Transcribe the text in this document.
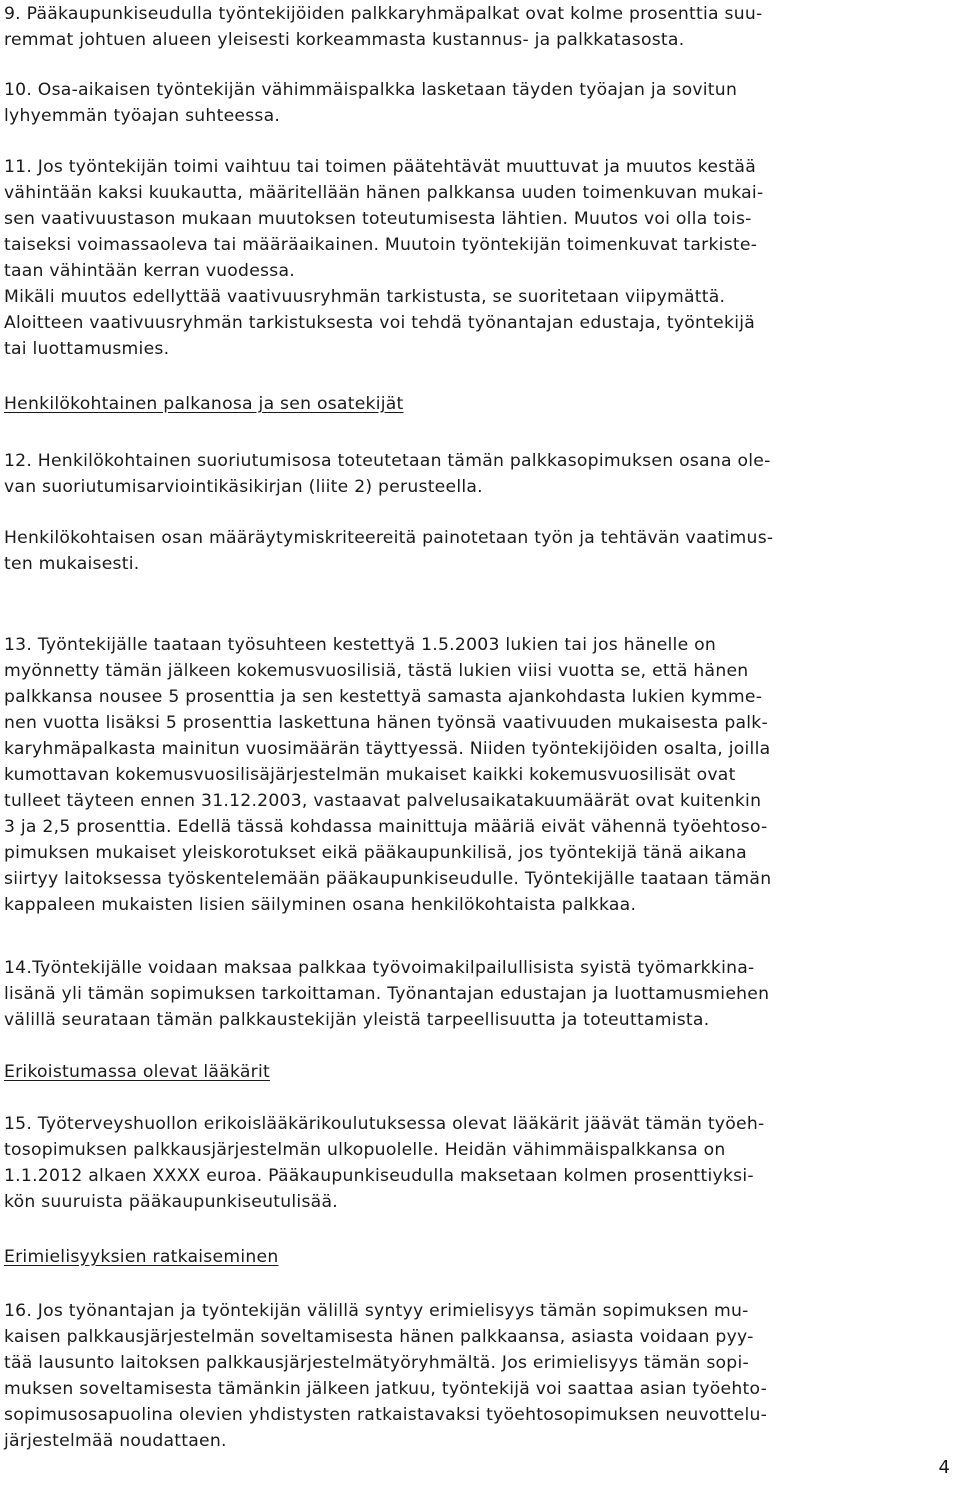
9. Pääkaupunkiseudulla työntekijöiden palkkaryhmäpalkat ovat kolme prosenttia suu-
remmat johtuen alueen yleisesti korkeammasta kustannus- ja palkkatasosta.
10. Osa-aikaisen työntekijän vähimmäispalkka lasketaan täyden työajan ja sovitun
lyhyemmän työajan suhteessa.
11. Jos työntekijän toimi vaihtuu tai toimen päätehtävät muuttuvat ja muutos kestää
vähintään kaksi kuukautta, määritellään hänen palkkansa uuden toimenkuvan mukai-
sen vaativuustason mukaan muutoksen toteutumisesta lähtien. Muutos voi olla tois-
taiseksi voimassaoleva tai määräaikainen. Muutoin työntekijän toimenkuvat tarkiste-
taan vähintään kerran vuodessa.
Mikäli muutos edellyttää vaativuusryhmän tarkistusta, se suoritetaan viipymättä.
Aloitteen vaativuusryhmän tarkistuksesta voi tehdä työnantajan edustaja, työntekijä
tai luottamusmies.
Henkilökohtainen palkanosa ja sen osatekijät
12. Henkilökohtainen suoriutumisosa toteutetaan tämän palkkasopimuksen osana ole-
van suoriutumisarviointikäsikirjan (liite 2) perusteella.
Henkilökohtaisen osan määräytymiskriteereitä painotetaan työn ja tehtävän vaatimus-
ten mukaisesti.
13. Työntekijälle taataan työsuhteen kestettyä 1.5.2003 lukien tai jos hänelle on
myönnetty tämän jälkeen kokemusvuosilisiä, tästä lukien viisi vuotta se, että hänen
palkkansa nousee 5 prosenttia ja sen kestettyä samasta ajankohdasta lukien kymme-
nen vuotta lisäksi 5 prosenttia laskettuna hänen työnsä vaativuuden mukaisesta palk-
karyhmäpalkasta mainitun vuosimäärän täyttyessä. Niiden työntekijöiden osalta, joilla
kumottavan kokemusvuosilisäjärjestelmän mukaiset kaikki kokemusvuosilisät ovat
tulleet täyteen ennen 31.12.2003, vastaavat palvelusaikatakuumäärät ovat kuitenkin
3 ja 2,5 prosenttia. Edellä tässä kohdassa mainittuja määriä eivät vähennä työehtoso-
pimuksen mukaiset yleiskorotukset eikä pääkaupunkilisä, jos työntekijä tänä aikana
siirtyy laitoksessa työskentelemään pääkaupunkiseudulle. Työntekijälle taataan tämän
kappaleen mukaisten lisien säilyminen osana henkilökohtaista palkkaa.
14.Työntekijälle voidaan maksaa palkkaa työvoimakilpailullisista syistä työmarkkina-
lisänä yli tämän sopimuksen tarkoittaman. Työnantajan edustajan ja luottamusmiehen
välillä seurataan tämän palkkaustekijän yleistä tarpeellisuutta ja toteuttamista.
Erikoistumassa olevat lääkärit
15. Työterveyshuollon erikoislääkärikoulutuksessa olevat lääkärit jäävät tämän työeh-
tosopimuksen palkkausjärjestelmän ulkopuolelle. Heidän vähimmäispalkkansa on
1.1.2012 alkaen XXXX euroa. Pääkaupunkiseudulla maksetaan kolmen prosenttiyksi-
kön suuruista pääkaupunkiseutulisää.
Erimielisyyksien ratkaiseminen
16. Jos työnantajan ja työntekijän välillä syntyy erimielisyys tämän sopimuksen mu-
kaisen palkkausjärjestelmän soveltamisesta hänen palkkaansa, asiasta voidaan pyy-
tää lausunto laitoksen palkkausjärjestelmätyöryhmältä. Jos erimielisyys tämän sopi-
muksen soveltamisesta tämänkin jälkeen jatkuu, työntekijä voi saattaa asian työehto-
sopimusosapuolina olevien yhdistysten ratkaistavaksi työehtosopimuksen neuvottelu-
järjestelmää noudattaen.
4
